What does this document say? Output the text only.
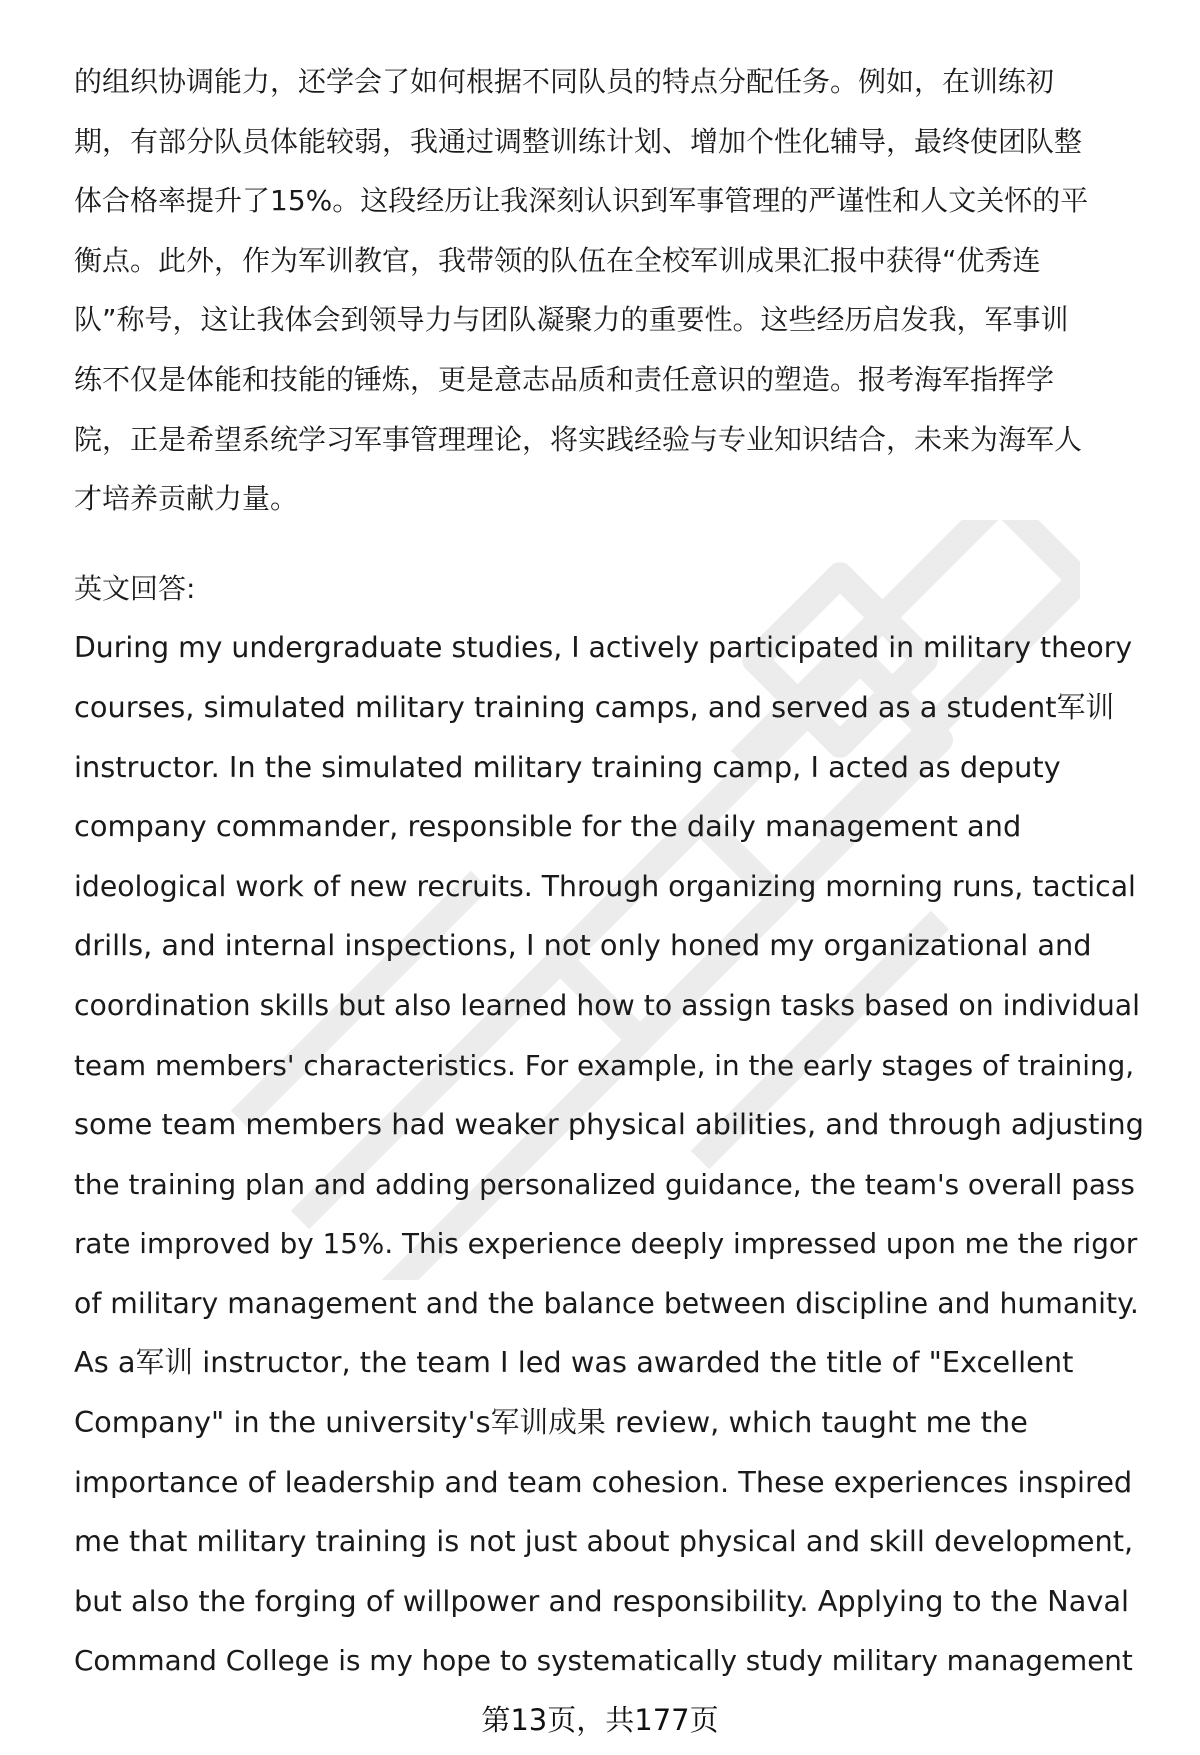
的组织协调能力，还学会了如何根据不同队员的特点分配任务。例如，在训练初
期，有部分队员体能较弱，我通过调整训练计划、增加个性化辅导，最终使团队整
体合格率提升了15%。这段经历让我深刻认识到军事管理的严谨性和人文关怀的平
衡点。此外，作为军训教官，我带领的队伍在全校军训成果汇报中获得“优秀连
队”称号，这让我体会到领导力与团队凝聚力的重要性。这些经历启发我，军事训
练不仅是体能和技能的锤炼，更是意志品质和责任意识的塑造。报考海军指挥学
院，正是希望系统学习军事管理理论，将实践经验与专业知识结合，未来为海军人
才培养贡献力量。
英文回答:
During my undergraduate studies, I actively participated in military theory
courses, simulated military training camps, and served as a student军训
instructor. In the simulated military training camp, I acted as deputy
company commander, responsible for the daily management and
ideological work of new recruits. Through organizing morning runs, tactical
drills, and internal inspections, I not only honed my organizational and
coordination skills but also learned how to assign tasks based on individual
team members' characteristics. For example, in the early stages of training,
some team members had weaker physical abilities, and through adjusting
the training plan and adding personalized guidance, the team's overall pass
rate improved by 15%. This experience deeply impressed upon me the rigor
of military management and the balance between discipline and humanity.
As a军训 instructor, the team I led was awarded the title of "Excellent
Company" in the university's军训成果 review, which taught me the
importance of leadership and team cohesion. These experiences inspired
me that military training is not just about physical and skill development,
but also the forging of willpower and responsibility. Applying to the Naval
Command College is my hope to systematically study military management
第13页，共177页
